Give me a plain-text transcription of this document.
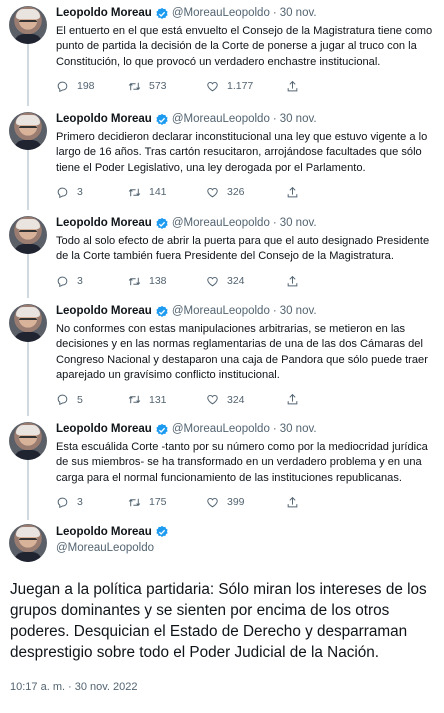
Leopoldo Moreau @MoreauLeopoldo · 30 nov.
El entuerto en el que está envuelto el Consejo de la Magistratura tiene como punto de partida la decisión de la Corte de ponerse a jugar al truco con la Constitución, lo que provocó un verdadero enchastre institucional.
198	573	1.177
Leopoldo Moreau @MoreauLeopoldo · 30 nov.
Primero decidieron declarar inconstitucional una ley que estuvo vigente a lo largo de 16 años. Tras cartón resucitaron, arrojándose facultades que sólo tiene el Poder Legislativo, una ley derogada por el Parlamento.
3	141	326
Leopoldo Moreau @MoreauLeopoldo · 30 nov.
Todo al solo efecto de abrir la puerta para que el auto designado Presidente de la Corte también fuera Presidente del Consejo de la Magistratura.
3	138	324
Leopoldo Moreau @MoreauLeopoldo · 30 nov.
No conformes con estas manipulaciones arbitrarias, se metieron en las decisiones y en las normas reglamentarias de una de las dos Cámaras del Congreso Nacional y destaparon una caja de Pandora que sólo puede traer aparejado un gravísimo conflicto institucional.
5	131	324
Leopoldo Moreau @MoreauLeopoldo · 30 nov.
Esta escuálida Corte -tanto por su número como por la mediocridad jurídica de sus miembros- se ha transformado en un verdadero problema y en una carga para el normal funcionamiento de las instituciones republicanas.
3	175	399
Leopoldo Moreau
@MoreauLeopoldo
Juegan a la política partidaria: Sólo miran los intereses de los grupos dominantes y se sienten por encima de los otros poderes. Desquician el Estado de Derecho y desparraman desprestigio sobre todo el Poder Judicial de la Nación.
10:17 a. m. · 30 nov. 2022
